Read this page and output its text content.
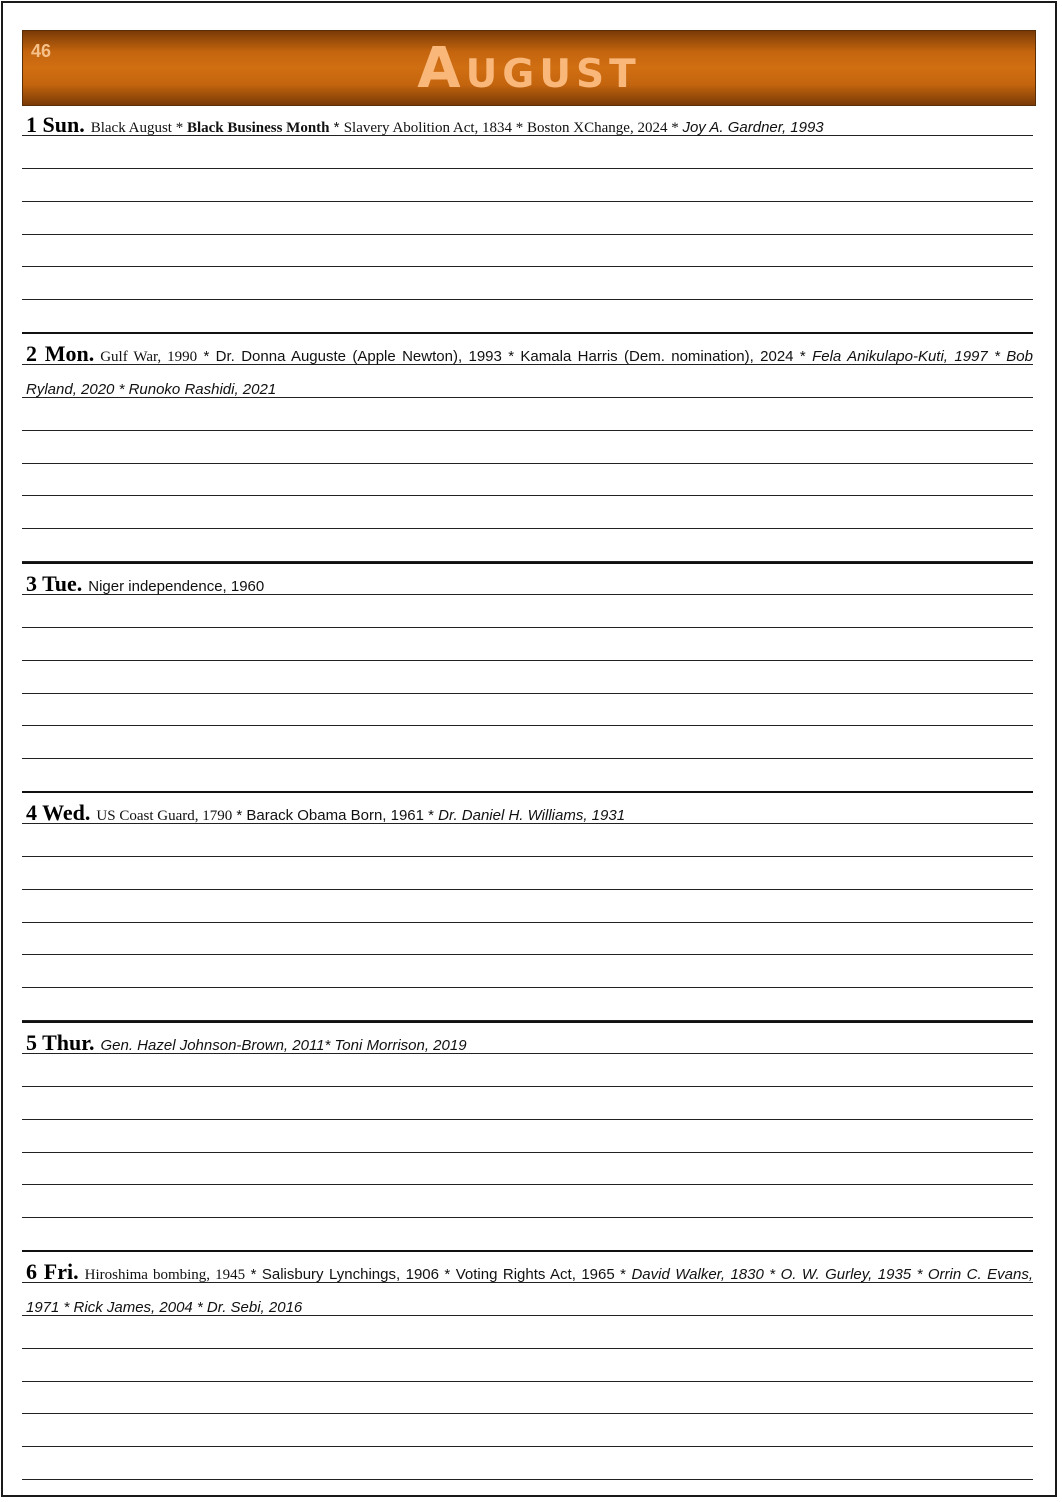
46	August
1 Sun. Black August * Black Business Month * Slavery Abolition Act, 1834 * Boston XChange, 2024 * Joy A. Gardner, 1993
2 Mon. Gulf War, 1990 * Dr. Donna Auguste (Apple Newton), 1993 * Kamala Harris (Dem. nomination), 2024 * Fela Anikulapo-Kuti, 1997 * Bob Ryland, 2020 * Runoko Rashidi, 2021
3 Tue. Niger independence, 1960
4 Wed. US Coast Guard, 1790 * Barack Obama Born, 1961 * Dr. Daniel H. Williams, 1931
5 Thur. Gen. Hazel Johnson-Brown, 2011* Toni Morrison, 2019
6 Fri. Hiroshima bombing, 1945 * Salisbury Lynchings, 1906 * Voting Rights Act, 1965 * David Walker, 1830 * O. W. Gurley, 1935 * Orrin C. Evans, 1971 * Rick James, 2004 * Dr. Sebi, 2016
